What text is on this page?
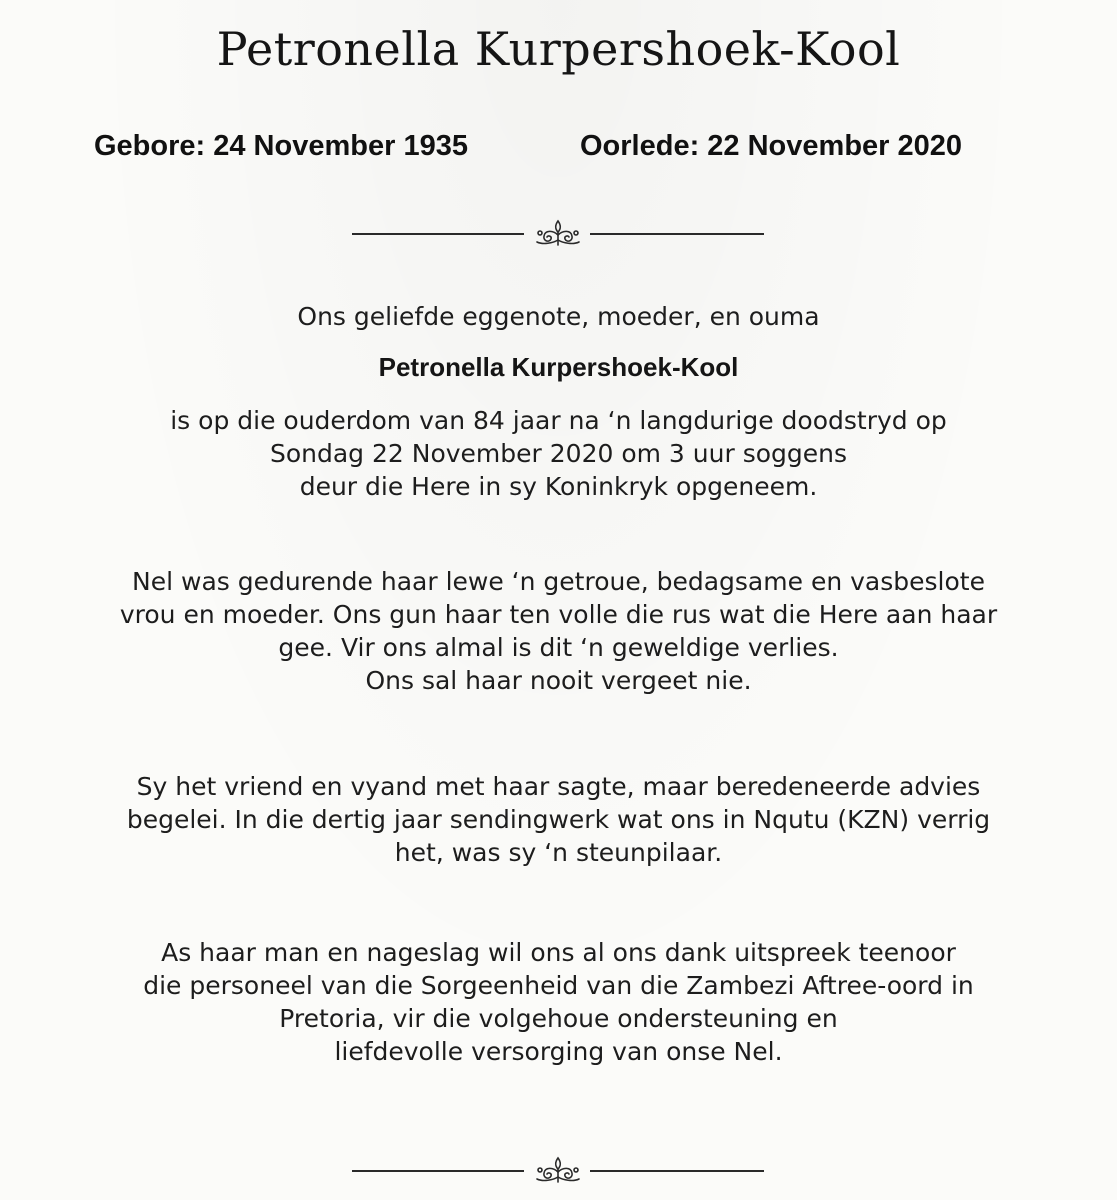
Petronella Kurpershoek-Kool
Gebore: 24 November 1935	Oorlede: 22 November 2020
Ons geliefde eggenote, moeder, en ouma
Petronella Kurpershoek-Kool
is op die ouderdom van 84 jaar na ‘n langdurige doodstryd op
Sondag 22 November 2020 om 3 uur soggens
deur die Here in sy Koninkryk opgeneem.
Nel was gedurende haar lewe ‘n getroue, bedagsame en vasbeslote
vrou en moeder. Ons gun haar ten volle die rus wat die Here aan haar
gee. Vir ons almal is dit ‘n geweldige verlies.
Ons sal haar nooit vergeet nie.
Sy het vriend en vyand met haar sagte, maar beredeneerde advies
begelei. In die dertig jaar sendingwerk wat ons in Nqutu (KZN) verrig
het, was sy ‘n steunpilaar.
As haar man en nageslag wil ons al ons dank uitspreek teenoor
die personeel van die Sorgeenheid van die Zambezi Aftree-oord in
Pretoria, vir die volgehoue ondersteuning en
liefdevolle versorging van onse Nel.
